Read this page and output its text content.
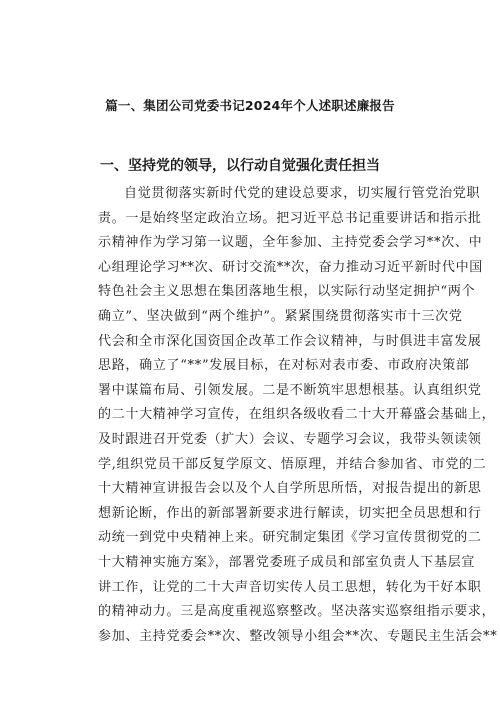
篇一、集团公司党委书记2024年个人述职述廉报告
一、坚持党的领导，以行动自觉强化责任担当
自觉贯彻落实新时代党的建设总要求，切实履行管党治党职
责。一是始终坚定政治立场。把习近平总书记重要讲话和指示批
示精神作为学习第一议题，全年参加、主持党委会学习**次、中
心组理论学习**次、研讨交流**次，奋力推动习近平新时代中国
特色社会主义思想在集团落地生根，以实际行动坚定拥护“两个
确立”、坚决做到“两个维护”。紧紧围绕贯彻落实市十三次党
代会和全市深化国资国企改革工作会议精神，与时俱进丰富发展
思路，确立了“**”发展目标，在对标对表市委、市政府决策部
署中谋篇布局、引领发展。二是不断筑牢思想根基。认真组织党
的二十大精神学习宣传，在组织各级收看二十大开幕盛会基础上，
及时跟进召开党委（扩大）会议、专题学习会议，我带头领读领
学,组织党员干部反复学原文、悟原理，并结合参加省、市党的二
十大精神宣讲报告会以及个人自学所思所悟，对报告提出的新思
想新论断，作出的新部署新要求进行解读，切实把全员思想和行
动统一到党中央精神上来。研究制定集团《学习宣传贯彻党的二
十大精神实施方案》，部署党委班子成员和部室负责人下基层宣
讲工作，让党的二十大声音切实传人员工思想，转化为干好本职
的精神动力。三是高度重视巡察整改。坚决落实巡察组指示要求，
参加、主持党委会**次、整改领导小组会**次、专题民主生活会**
